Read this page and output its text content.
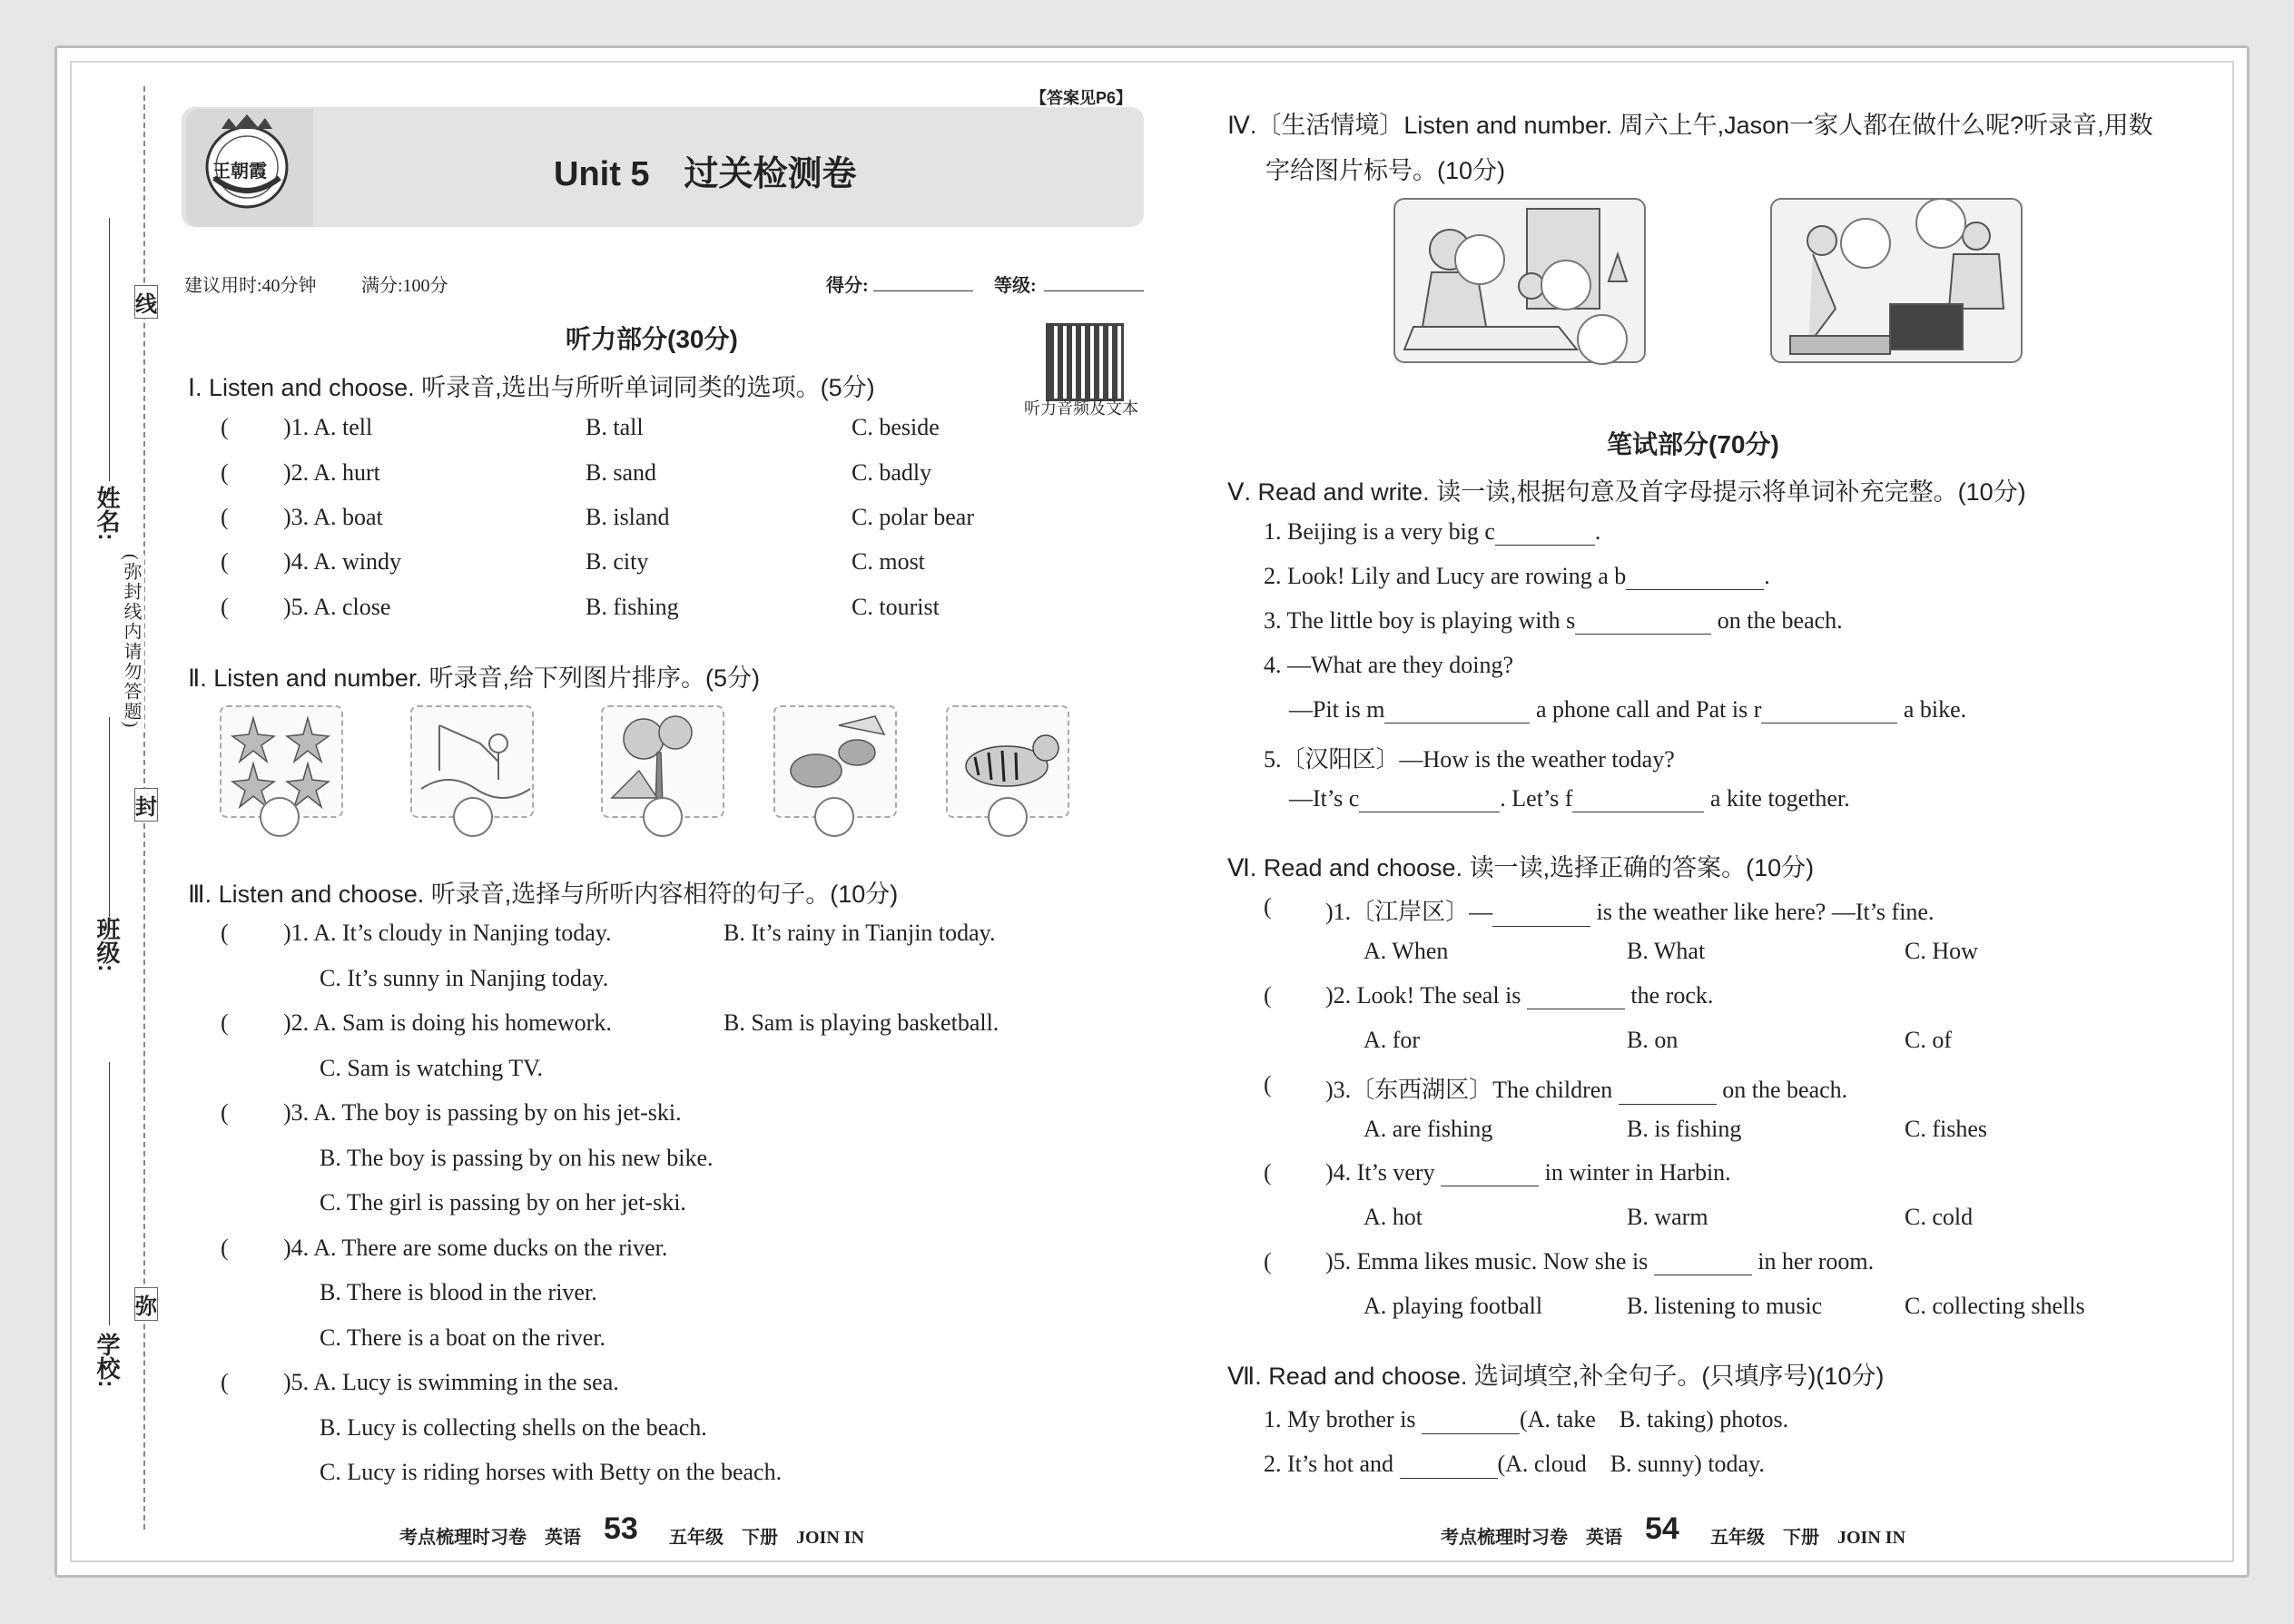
线
封
弥
(弥封线内请勿答题)
姓名:
班级:
学校:
【答案见P6】
王朝霞	Unit 5　过关检测卷
建议用时:40分钟 满分:100分	得分:	等级:
听力部分(30分)
听力音频及文本
Ⅰ. Listen and choose. 听录音,选出与所听单词同类的选项。(5分)
( )1. A. tell	B. tall	C. beside
( )2. A. hurt	B. sand	C. badly
( )3. A. boat	B. island	C. polar bear
( )4. A. windy	B. city	C. most
( )5. A. close	B. fishing	C. tourist
Ⅱ. Listen and number. 听录音,给下列图片排序。(5分)
Ⅲ. Listen and choose. 听录音,选择与所听内容相符的句子。(10分)
( )1. A. It’s cloudy in Nanjing today.	B. It’s rainy in Tianjin today.
C. It’s sunny in Nanjing today.
( )2. A. Sam is doing his homework.	B. Sam is playing basketball.
C. Sam is watching TV.
( )3. A. The boy is passing by on his jet-ski.
B. The boy is passing by on his new bike.
C. The girl is passing by on her jet-ski.
( )4. A. There are some ducks on the river.
B. There is blood in the river.
C. There is a boat on the river.
( )5. A. Lucy is swimming in the sea.
B. Lucy is collecting shells on the beach.
C. Lucy is riding horses with Betty on the beach.
考点梳理时习卷　英语 53 五年级　下册　JOIN IN
Ⅳ.〔生活情境〕Listen and number. 周六上午,Jason一家人都在做什么呢?听录音,用数
字给图片标号。(10分)
笔试部分(70分)
Ⅴ. Read and write. 读一读,根据句意及首字母提示将单词补充完整。(10分)
1. Beijing is a very big c	.
2. Look! Lily and Lucy are rowing a b	.
3. The little boy is playing with s	on the beach.
4. —What are they doing?
—Pit is m	a phone call and Pat is r	a bike.
5.〔汉阳区〕—How is the weather today?
—It’s c	. Let’s f	a kite together.
Ⅵ. Read and choose. 读一读,选择正确的答案。(10分)
( )1.〔江岸区〕—	is the weather like here? —It’s fine.
A. When	B. What	C. How
( )2. Look! The seal is	the rock.
A. for	B. on	C. of
( )3.〔东西湖区〕The children	on the beach.
A. are fishing	B. is fishing	C. fishes
( )4. It’s very	in winter in Harbin.
A. hot	B. warm	C. cold
( )5. Emma likes music. Now she is	in her room.
A. playing football	B. listening to music	C. collecting shells
Ⅶ. Read and choose. 选词填空,补全句子。(只填序号)(10分)
1. My brother is	(A. take　B. taking) photos.
2. It’s hot and	(A. cloud　B. sunny) today.
考点梳理时习卷　英语 54 五年级　下册　JOIN IN
